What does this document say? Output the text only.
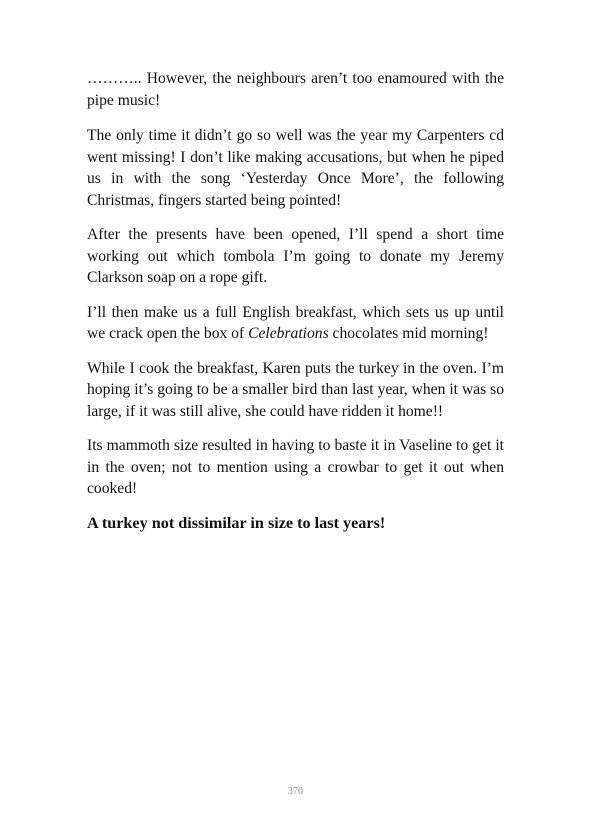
……….. However, the neighbours aren’t too enamoured with the pipe music!

The only time it didn’t go so well was the year my Carpenters cd went missing! I don’t like making accusations, but when he piped us in with the song ‘Yesterday Once More’, the following Christmas, fingers started being pointed!

After the presents have been opened, I’ll spend a short time working out which tombola I’m going to donate my Jeremy Clarkson soap on a rope gift.

I’ll then make us a full English breakfast, which sets us up until we crack open the box of Celebrations chocolates mid morning!

While I cook the breakfast, Karen puts the turkey in the oven. I’m hoping it’s going to be a smaller bird than last year, when it was so large, if it was still alive, she could have ridden it home!!

Its mammoth size resulted in having to baste it in Vaseline to get it in the oven; not to mention using a crowbar to get it out when cooked!

A turkey not dissimilar in size to last years!

370
